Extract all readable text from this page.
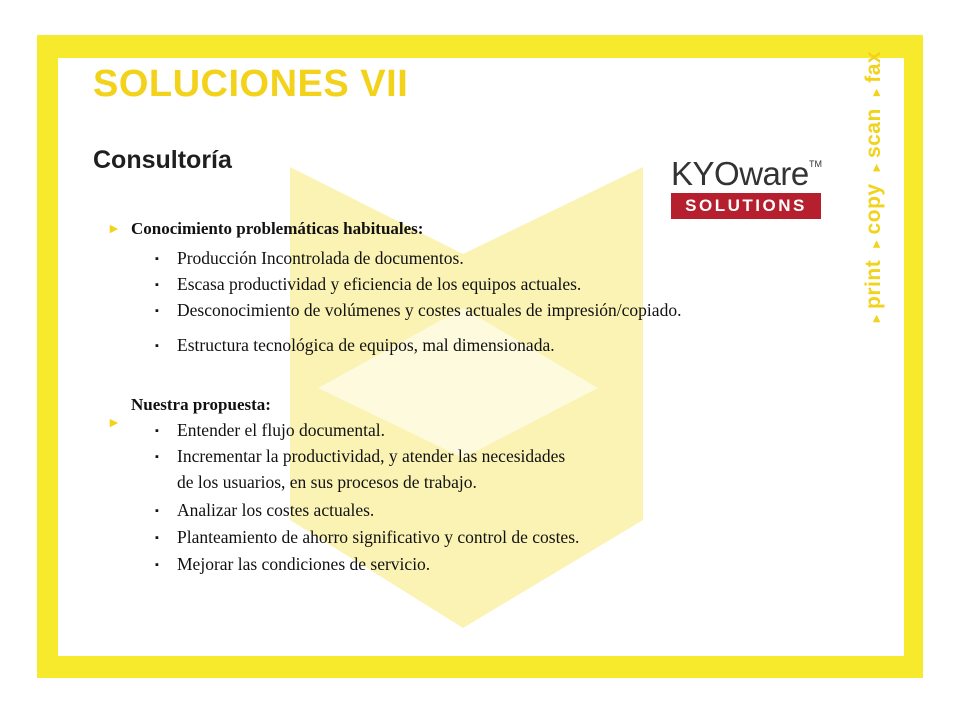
SOLUCIONES VII
Consultoría	KYOware TM
SOLUTIONS
▸print ▸copy ▸scan ▸fax
► Conocimiento problemáticas habituales:
▪ Producción Incontrolada de documentos.
▪ Escasa productividad y eficiencia de los equipos actuales.
▪ Desconocimiento de volúmenes y costes actuales de impresión/copiado.
▪ Estructura tecnológica de equipos, mal dimensionada.
Nuestra propuesta:
►	▪ Entender el flujo documental.
▪ Incrementar la productividad, y atender las necesidades
de los usuarios, en sus procesos de trabajo.
▪ Analizar los costes actuales.
▪ Planteamiento de ahorro significativo y control de costes.
▪ Mejorar las condiciones de servicio.
